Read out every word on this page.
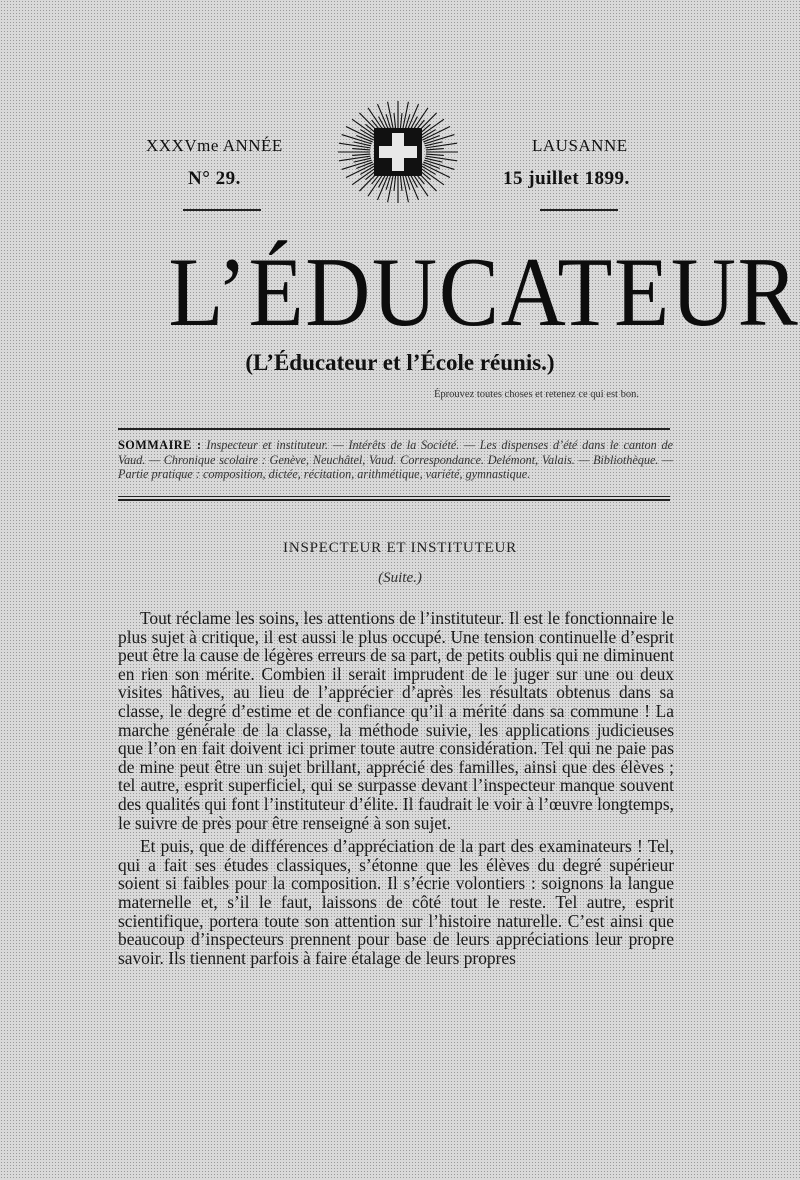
XXXVme ANNÉE
N° 29.
LAUSANNE
15 juillet 1899.
L’ÉDUCATEUR
(L’Éducateur et l’École réunis.)
Éprouvez toutes choses et retenez ce qui est bon.
SOMMAIRE : Inspecteur et instituteur. — Intérêts de la Société. — Les dispenses d’été dans le canton de Vaud. — Chronique scolaire : Genève, Neuchâtel, Vaud. Correspondance. Delémont, Valais. — Bibliothèque. — Partie pratique : composition, dictée, récitation, arithmétique, variété, gymnastique.
INSPECTEUR ET INSTITUTEUR
(Suite.)

Tout réclame les soins, les attentions de l’instituteur. Il est le fonctionnaire le plus sujet à critique, il est aussi le plus occupé. Une tension continuelle d’esprit peut être la cause de légères erreurs de sa part, de petits oublis qui ne diminuent en rien son mérite. Combien il serait imprudent de le juger sur une ou deux visites hâtives, au lieu de l’apprécier d’après les résultats obtenus dans sa classe, le degré d’estime et de confiance qu’il a mérité dans sa commune ! La marche générale de la classe, la méthode suivie, les applications judicieuses que l’on en fait doivent ici primer toute autre considération. Tel qui ne paie pas de mine peut être un sujet brillant, apprécié des familles, ainsi que des élèves ; tel autre, esprit superficiel, qui se surpasse devant l’inspecteur manque souvent des qualités qui font l’instituteur d’élite. Il faudrait le voir à l’œuvre longtemps, le suivre de près pour être renseigné à son sujet.

Et puis, que de différences d’appréciation de la part des examinateurs ! Tel, qui a fait ses études classiques, s’étonne que les élèves du degré supérieur soient si faibles pour la composition. Il s’écrie volontiers : soignons la langue maternelle et, s’il le faut, laissons de côté tout le reste. Tel autre, esprit scientifique, portera toute son attention sur l’histoire naturelle. C’est ainsi que beaucoup d’inspecteurs prennent pour base de leurs appréciations leur propre savoir. Ils tiennent parfois à faire étalage de leurs propres
